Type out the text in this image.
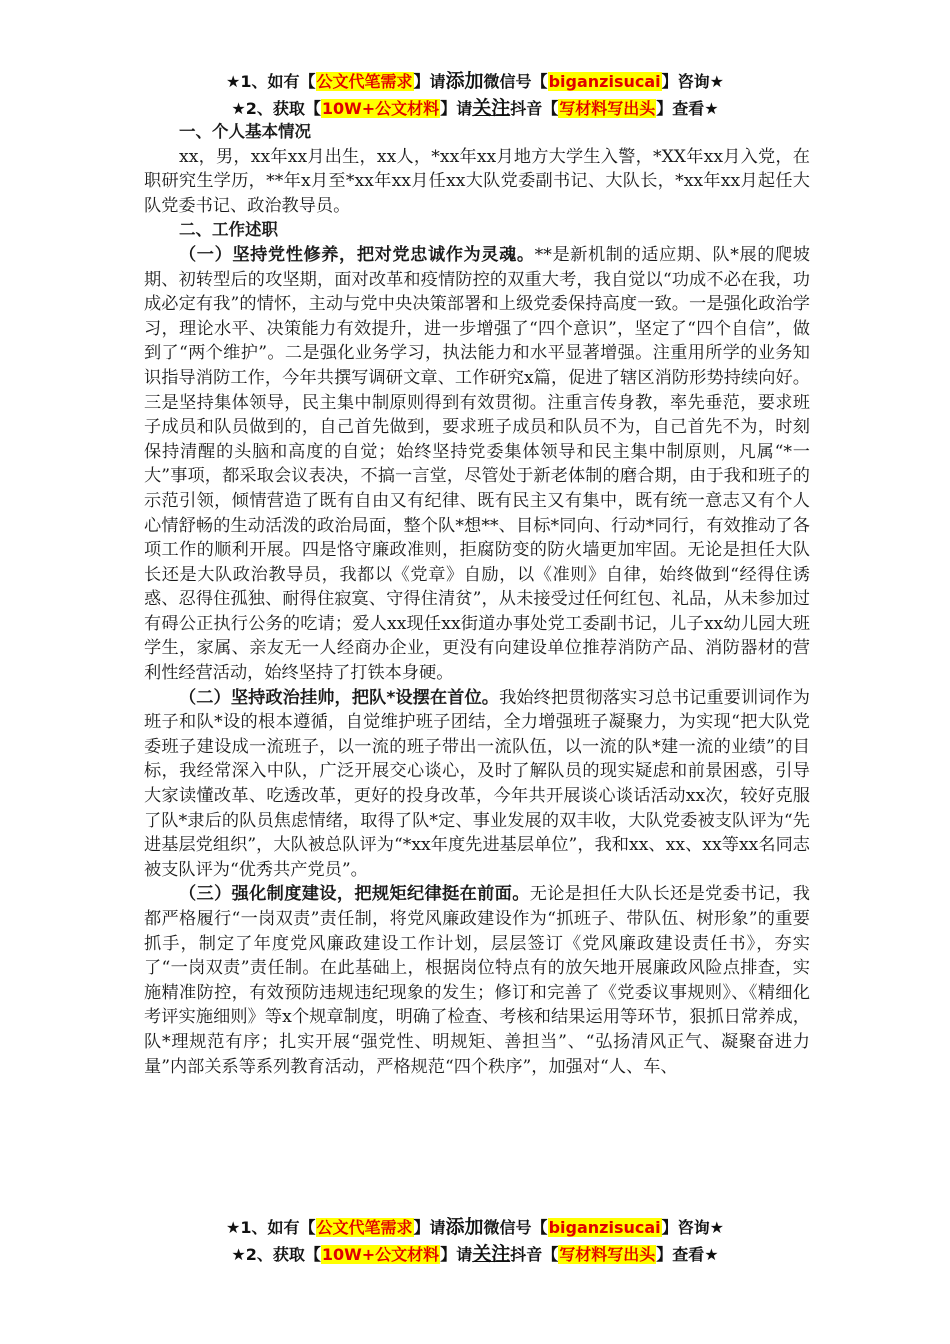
★1、如有【公文代笔需求】请添加微信号【biganzisucai】咨询★
★2、获取【10W+公文材料】请关注抖音【写材料写出头】查看★

一、个人基本情况

xx，男，xx年xx月出生，xx人，*xx年xx月地方大学生入警，*XX年xx月入党，在职研究生学历，**年x月至*xx年xx月任xx大队党委副书记、大队长，*xx年xx月起任大队党委书记、政治教导员。

二、工作述职

（一）坚持党性修养，把对党忠诚作为灵魂。**是新机制的适应期、队*展的爬坡期、初转型后的攻坚期，面对改革和疫情防控的双重大考，我自觉以“功成不必在我，功成必定有我”的情怀，主动与党中央决策部署和上级党委保持高度一致。一是强化政治学习，理论水平、决策能力有效提升，进一步增强了“四个意识”，坚定了“四个自信”，做到了“两个维护”。二是强化业务学习，执法能力和水平显著增强。注重用所学的业务知识指导消防工作，今年共撰写调研文章、工作研究x篇，促进了辖区消防形势持续向好。三是坚持集体领导，民主集中制原则得到有效贯彻。注重言传身教，率先垂范，要求班子成员和队员做到的，自己首先做到，要求班子成员和队员不为，自己首先不为，时刻保持清醒的头脑和高度的自觉；始终坚持党委集体领导和民主集中制原则，凡属“*一大”事项，都采取会议表决，不搞一言堂，尽管处于新老体制的磨合期，由于我和班子的示范引领，倾情营造了既有自由又有纪律、既有民主又有集中，既有统一意志又有个人心情舒畅的生动活泼的政治局面，整个队*想**、目标*同向、行动*同行，有效推动了各项工作的顺利开展。四是恪守廉政准则，拒腐防变的防火墙更加牢固。无论是担任大队长还是大队政治教导员，我都以《党章》自励，以《准则》自律，始终做到“经得住诱惑、忍得住孤独、耐得住寂寞、守得住清贫”，从未接受过任何红包、礼品，从未参加过有碍公正执行公务的吃请；爱人xx现任xx街道办事处党工委副书记，儿子xx幼儿园大班学生，家属、亲友无一人经商办企业，更没有向建设单位推荐消防产品、消防器材的营利性经营活动，始终坚持了打铁本身硬。

（二）坚持政治挂帅，把队*设摆在首位。我始终把贯彻落实习总书记重要训词作为班子和队*设的根本遵循，自觉维护班子团结，全力增强班子凝聚力，为实现“把大队党委班子建设成一流班子，以一流的班子带出一流队伍，以一流的队*建一流的业绩”的目标，我经常深入中队，广泛开展交心谈心，及时了解队员的现实疑虑和前景困惑，引导大家读懂改革、吃透改革，更好的投身改革，今年共开展谈心谈话活动xx次，较好克服了队*隶后的队员焦虑情绪，取得了队*定、事业发展的双丰收，大队党委被支队评为“先进基层党组织”，大队被总队评为“*xx年度先进基层单位”，我和xx、xx、xx等xx名同志被支队评为“优秀共产党员”。

（三）强化制度建设，把规矩纪律挺在前面。无论是担任大队长还是党委书记，我都严格履行“一岗双责”责任制，将党风廉政建设作为“抓班子、带队伍、树形象”的重要抓手，制定了年度党风廉政建设工作计划，层层签订《党风廉政建设责任书》，夯实了“一岗双责”责任制。在此基础上，根据岗位特点有的放矢地开展廉政风险点排查，实施精准防控，有效预防违规违纪现象的发生；修订和完善了《党委议事规则》、《精细化考评实施细则》等x个规章制度，明确了检查、考核和结果运用等环节，狠抓日常养成，队*理规范有序；扎实开展“强党性、明规矩、善担当”、“弘扬清风正气、凝聚奋进力量”内部关系等系列教育活动，严格规范“四个秩序”，加强对“人、车、

★1、如有【公文代笔需求】请添加微信号【biganzisucai】咨询★
★2、获取【10W+公文材料】请关注抖音【写材料写出头】查看★
